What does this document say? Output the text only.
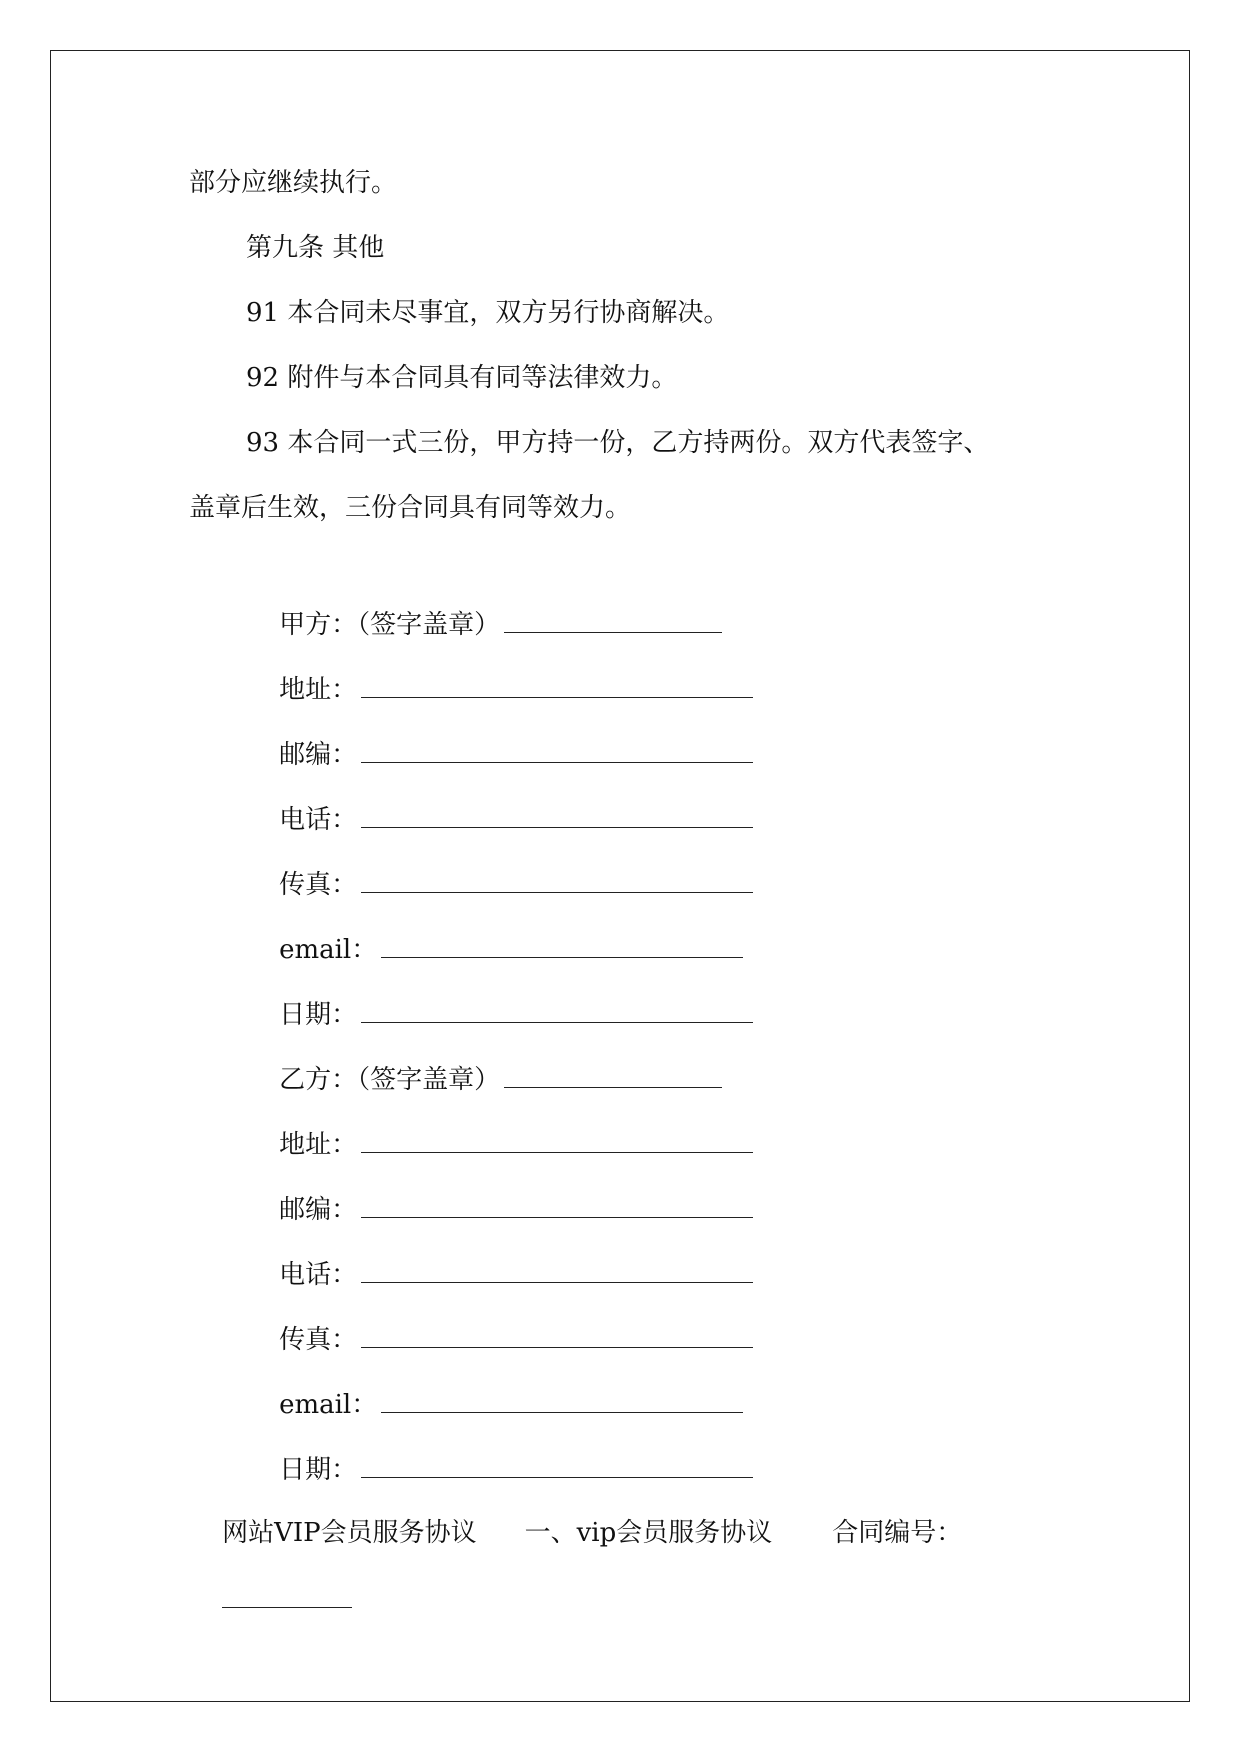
部分应继续执行。
第九条 其他
91 本合同未尽事宜，双方另行协商解决。
92 附件与本合同具有同等法律效力。
93 本合同一式三份，甲方持一份，乙方持两份。双方代表签字、
盖章后生效，三份合同具有同等效力。

甲方：（签字盖章）

地址：

邮编：

电话：

传真：

email：

日期：

乙方：（签字盖章）

地址：

邮编：

电话：

传真：

email：

日期：

网站VIP会员服务协议 一、vip会员服务协议 合同编号：
